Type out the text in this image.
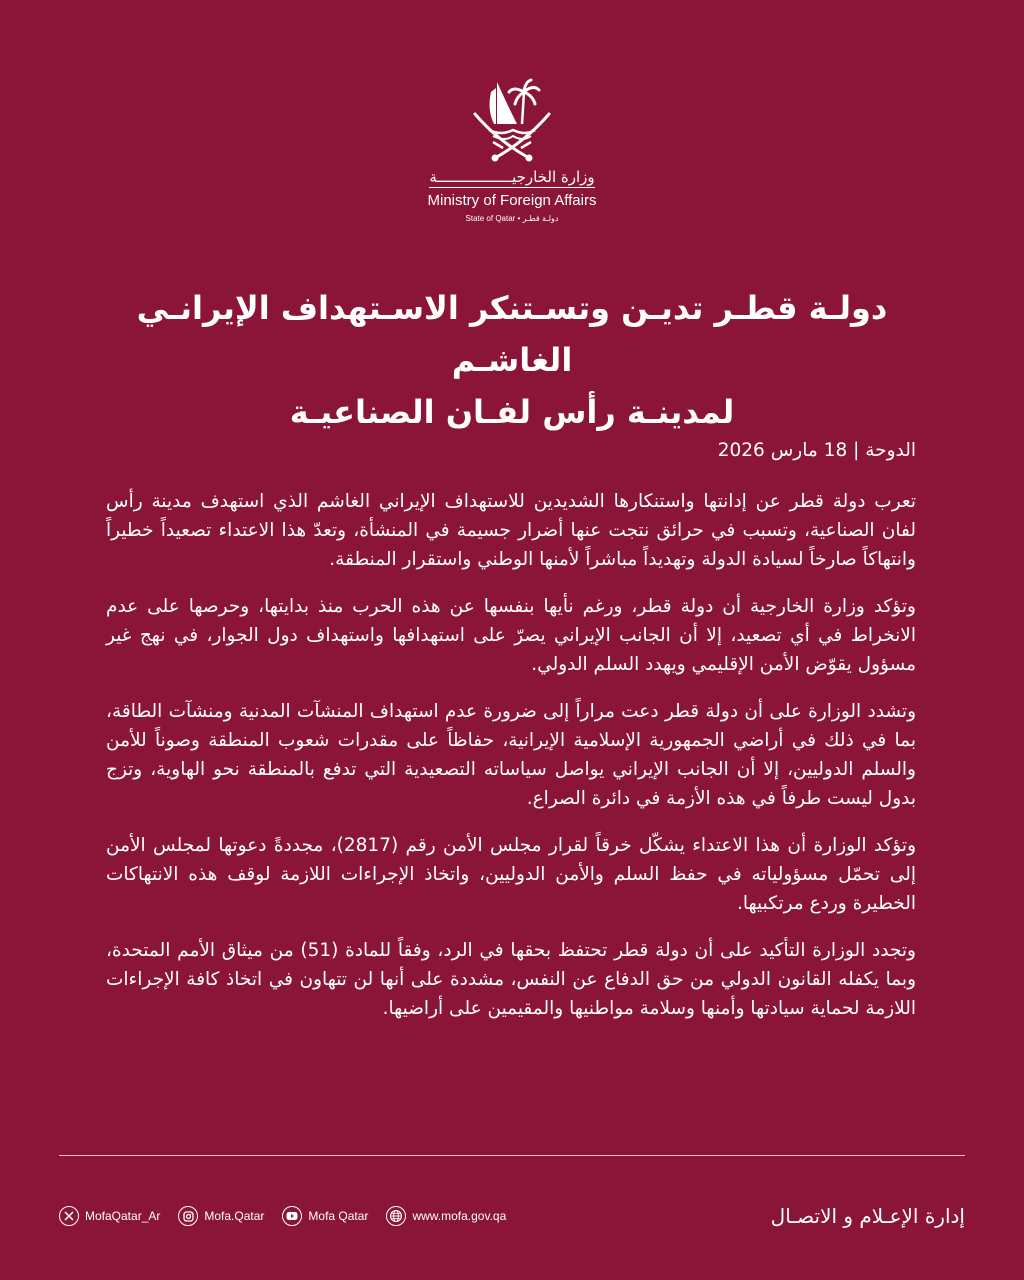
وزارة الخارجيـــــــــــــــــة
Ministry of Foreign Affairs
State of Qatar • دولـة قطـر
دولـة قطـر تديـن وتسـتنكر الاسـتهداف الإيرانـي الغاشـم
لمدينـة رأس لفـان الصناعيـة

الدوحة | 18 مارس 2026

تعرب دولة قطر عن إدانتها واستنكارها الشديدين للاستهداف الإيراني الغاشم الذي استهدف مدينة رأس لفان الصناعية، وتسبب في حرائق نتجت عنها أضرار جسيمة في المنشأة، وتعدّ هذا الاعتداء تصعيداً خطيراً وانتهاكاً صارخاً لسيادة الدولة وتهديداً مباشراً لأمنها الوطني واستقرار المنطقة.

وتؤكد وزارة الخارجية أن دولة قطر، ورغم نأيها بنفسها عن هذه الحرب منذ بدايتها، وحرصها على عدم الانخراط في أي تصعيد، إلا أن الجانب الإيراني يصرّ على استهدافها واستهداف دول الجوار، في نهج غير مسؤول يقوّض الأمن الإقليمي ويهدد السلم الدولي.

وتشدد الوزارة على أن دولة قطر دعت مراراً إلى ضرورة عدم استهداف المنشآت المدنية ومنشآت الطاقة، بما في ذلك في أراضي الجمهورية الإسلامية الإيرانية، حفاظاً على مقدرات شعوب المنطقة وصوناً للأمن والسلم الدوليين، إلا أن الجانب الإيراني يواصل سياساته التصعيدية التي تدفع بالمنطقة نحو الهاوية، وتزج بدول ليست طرفاً في هذه الأزمة في دائرة الصراع.

وتؤكد الوزارة أن هذا الاعتداء يشكّل خرقاً لقرار مجلس الأمن رقم (2817)، مجددةً دعوتها لمجلس الأمن إلى تحمّل مسؤولياته في حفظ السلم والأمن الدوليين، واتخاذ الإجراءات اللازمة لوقف هذه الانتهاكات الخطيرة وردع مرتكبيها.

وتجدد الوزارة التأكيد على أن دولة قطر تحتفظ بحقها في الرد، وفقاً للمادة (51) من ميثاق الأمم المتحدة، وبما يكفله القانون الدولي من حق الدفاع عن النفس، مشددة على أنها لن تتهاون في اتخاذ كافة الإجراءات اللازمة لحماية سيادتها وأمنها وسلامة مواطنيها والمقيمين على أراضيها.

MofaQatar_Ar	Mofa.Qatar	Mofa Qatar	www.mofa.gov.qa	إدارة الإعـلام و الاتصـال
